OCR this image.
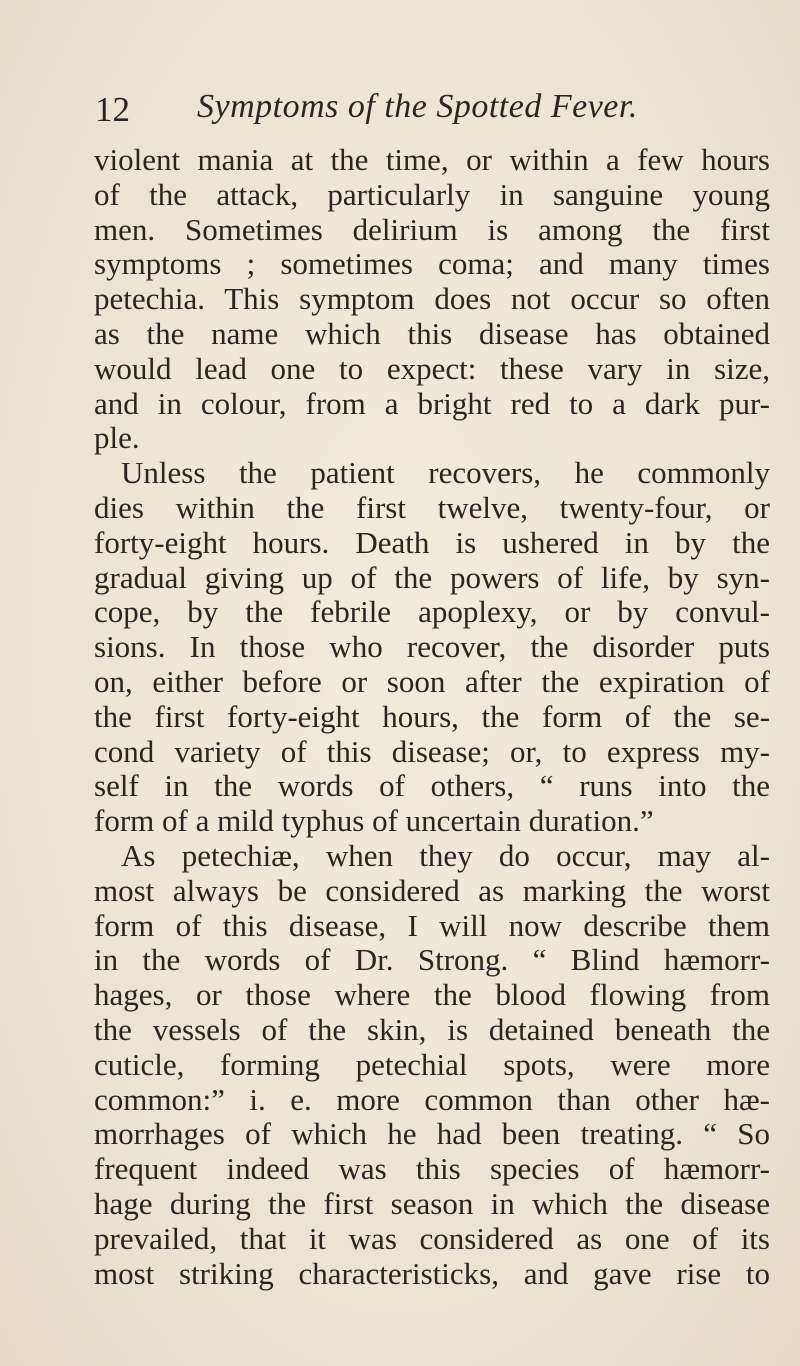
12 Symptoms of the Spotted Fever.
violent mania at the time, or within a few hours
of the attack, particularly in sanguine young
men. Sometimes delirium is among the first
symptoms ; sometimes coma; and many times
petechia. This symptom does not occur so often
as the name which this disease has obtained
would lead one to expect: these vary in size,
and in colour, from a bright red to a dark pur-
ple.
Unless the patient recovers, he commonly
dies within the first twelve, twenty-four, or
forty-eight hours. Death is ushered in by the
gradual giving up of the powers of life, by syn-
cope, by the febrile apoplexy, or by convul-
sions. In those who recover, the disorder puts
on, either before or soon after the expiration of
the first forty-eight hours, the form of the se-
cond variety of this disease; or, to express my-
self in the words of others, “ runs into the
form of a mild typhus of uncertain duration.”
As petechiæ, when they do occur, may al-
most always be considered as marking the worst
form of this disease, I will now describe them
in the words of Dr. Strong. “ Blind hæmorr-
hages, or those where the blood flowing from
the vessels of the skin, is detained beneath the
cuticle, forming petechial spots, were more
common:” i. e. more common than other hæ-
morrhages of which he had been treating. “ So
frequent indeed was this species of hæmorr-
hage during the first season in which the disease
prevailed, that it was considered as one of its
most striking characteristicks, and gave rise to
